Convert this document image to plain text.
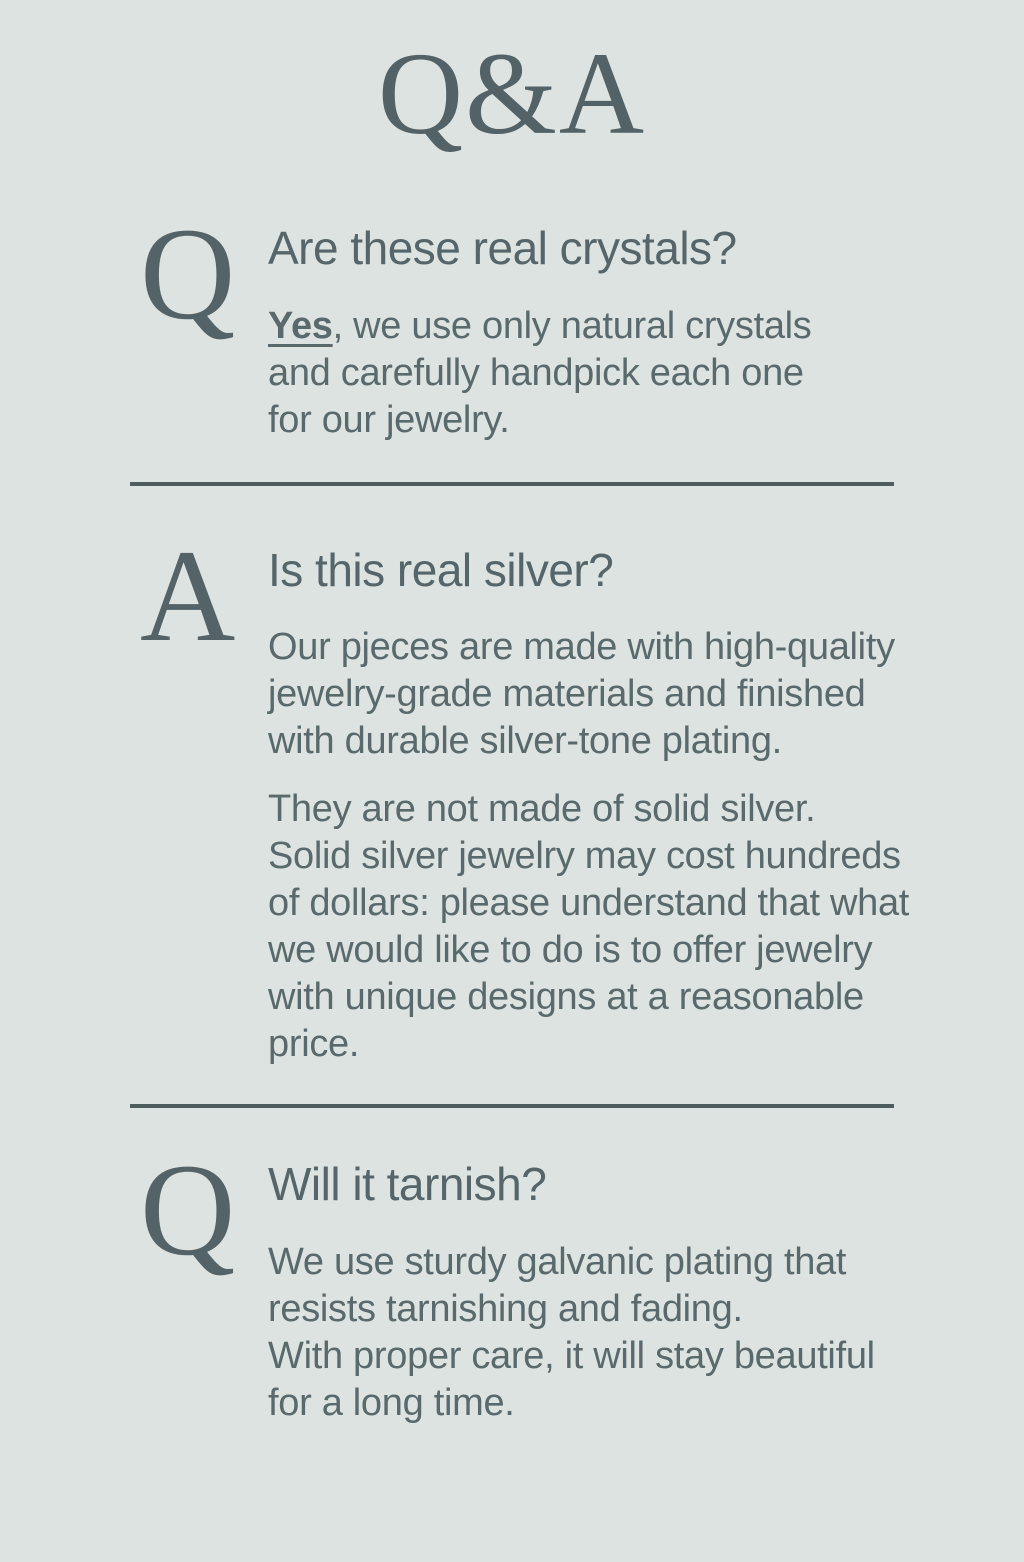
Q&A
Q Are these real crystals?

Yes, we use only natural crystals
and carefully handpick each one
for our jewelry.

A Is this real silver?

Our pjeces are made with high-quality
jewelry-grade materials and finished
with durable silver-tone plating.

They are not made of solid silver.
Solid silver jewelry may cost hundreds
of dollars: please understand that what
we would like to do is to offer jewelry
with unique designs at a reasonable
price.

Q Will it tarnish?

We use sturdy galvanic plating that
resists tarnishing and fading.
With proper care, it will stay beautiful
for a long time.
